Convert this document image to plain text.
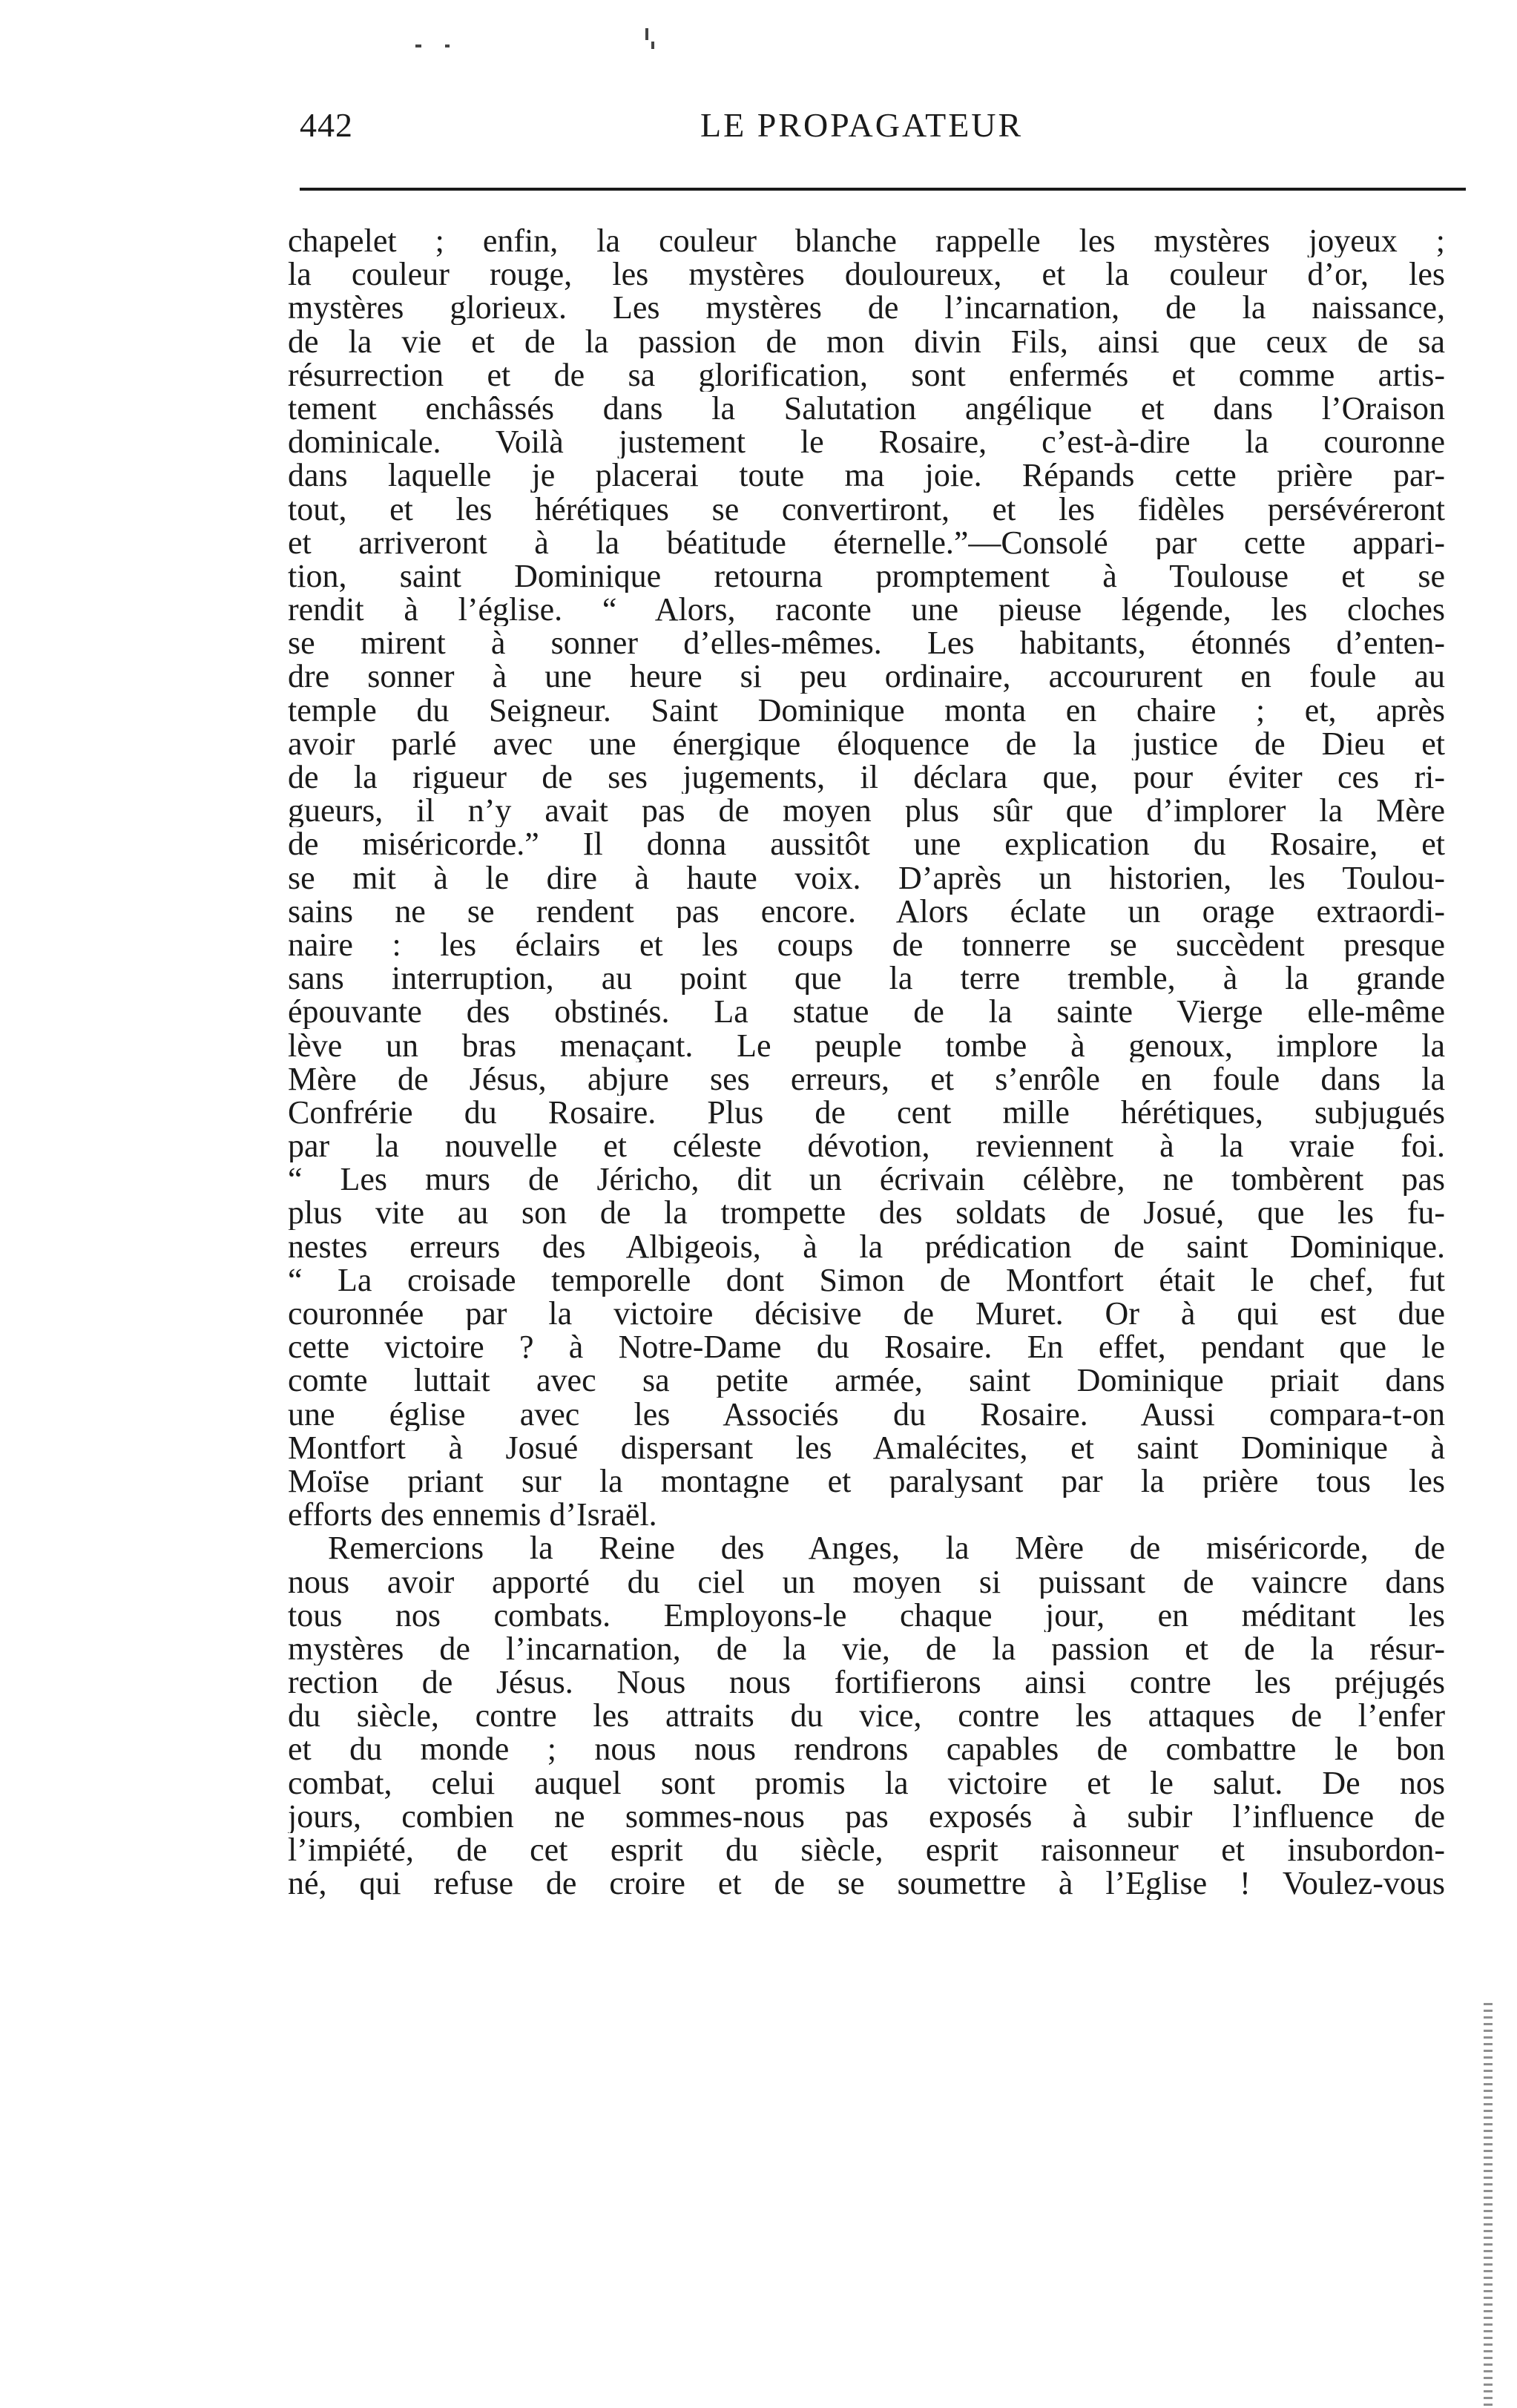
442	LE PROPAGATEUR
chapelet ; enfin, la couleur blanche rappelle les mystères joyeux ;
la couleur rouge, les mystères douloureux, et la couleur d’or, les
mystères glorieux. Les mystères de l’incarnation, de la naissance,
de la vie et de la passion de mon divin Fils, ainsi que ceux de sa
résurrection et de sa glorification, sont enfermés et comme artis-
tement enchâssés dans la Salutation angélique et dans l’Oraison
dominicale. Voilà justement le Rosaire, c’est-à-dire la couronne
dans laquelle je placerai toute ma joie. Répands cette prière par-
tout, et les hérétiques se convertiront, et les fidèles persévéreront
et arriveront à la béatitude éternelle.”—Consolé par cette appari-
tion, saint Dominique retourna promptement à Toulouse et se
rendit à l’église. “ Alors, raconte une pieuse légende, les cloches
se mirent à sonner d’elles-mêmes. Les habitants, étonnés d’enten-
dre sonner à une heure si peu ordinaire, accoururent en foule au
temple du Seigneur. Saint Dominique monta en chaire ; et, après
avoir parlé avec une énergique éloquence de la justice de Dieu et
de la rigueur de ses jugements, il déclara que, pour éviter ces ri-
gueurs, il n’y avait pas de moyen plus sûr que d’implorer la Mère
de miséricorde.” Il donna aussitôt une explication du Rosaire, et
se mit à le dire à haute voix. D’après un historien, les Toulou-
sains ne se rendent pas encore. Alors éclate un orage extraordi-
naire : les éclairs et les coups de tonnerre se succèdent presque
sans interruption, au point que la terre tremble, à la grande
épouvante des obstinés. La statue de la sainte Vierge elle-même
lève un bras menaçant. Le peuple tombe à genoux, implore la
Mère de Jésus, abjure ses erreurs, et s’enrôle en foule dans la
Confrérie du Rosaire. Plus de cent mille hérétiques, subjugués
par la nouvelle et céleste dévotion, reviennent à la vraie foi.
“ Les murs de Jéricho, dit un écrivain célèbre, ne tombèrent pas
plus vite au son de la trompette des soldats de Josué, que les fu-
nestes erreurs des Albigeois, à la prédication de saint Dominique.
“ La croisade temporelle dont Simon de Montfort était le chef, fut
couronnée par la victoire décisive de Muret. Or à qui est due
cette victoire ? à Notre-Dame du Rosaire. En effet, pendant que le
comte luttait avec sa petite armée, saint Dominique priait dans
une église avec les Associés du Rosaire. Aussi compara-t-on
Montfort à Josué dispersant les Amalécites, et saint Dominique à
Moïse priant sur la montagne et paralysant par la prière tous les
efforts des ennemis d’Israël.
Remercions la Reine des Anges, la Mère de miséricorde, de
nous avoir apporté du ciel un moyen si puissant de vaincre dans
tous nos combats. Employons-le chaque jour, en méditant les
mystères de l’incarnation, de la vie, de la passion et de la résur-
rection de Jésus. Nous nous fortifierons ainsi contre les préjugés
du siècle, contre les attraits du vice, contre les attaques de l’enfer
et du monde ; nous nous rendrons capables de combattre le bon
combat, celui auquel sont promis la victoire et le salut. De nos
jours, combien ne sommes-nous pas exposés à subir l’influence de
l’impiété, de cet esprit du siècle, esprit raisonneur et insubordon-
né, qui refuse de croire et de se soumettre à l’Eglise ! Voulez-vous
